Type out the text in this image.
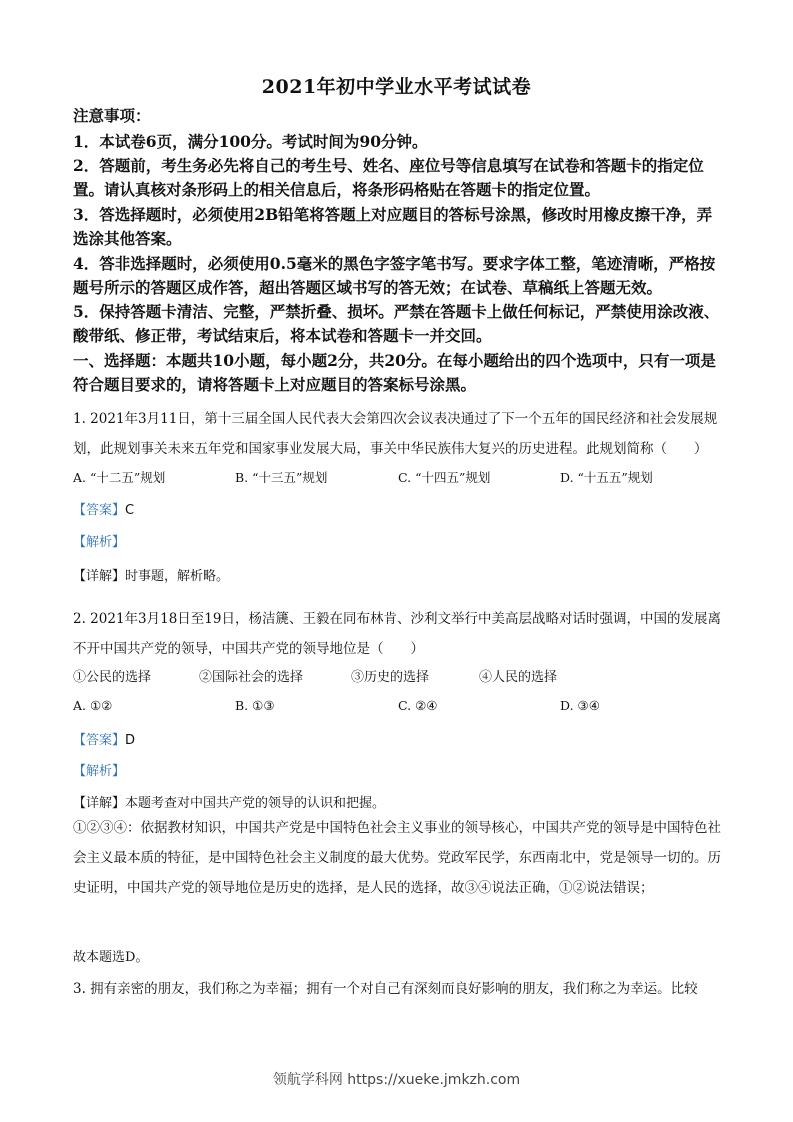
2021年初中学业水平考试试卷
注意事项：
1．本试卷6页，满分100分。考试时间为90分钟。
2．答题前，考生务必先将自己的考生号、姓名、座位号等信息填写在试卷和答题卡的指定位置。请认真核对条形码上的相关信息后，将条形码格贴在答题卡的指定位置。
3．答选择题时，必须使用2B铅笔将答题上对应题目的答标号涂黑，修改时用橡皮擦干净，弄选涂其他答案。
4．答非选择题时，必须使用0.5毫米的黑色字签字笔书写。要求字体工整，笔迹清晰，严格按题号所示的答题区成作答，超出答题区域书写的答无效；在试卷、草稿纸上答题无效。
5．保持答题卡清洁、完整，严禁折叠、损坏。严禁在答题卡上做任何标记，严禁使用涂改液、酸带纸、修正带，考试结束后，将本试卷和答题卡一并交回。
一、选择题：本题共10小题，每小题2分，共20分。在每小题给出的四个选项中，只有一项是符合题目要求的，请将答题卡上对应题目的答案标号涂黑。
1. 2021年3月11日，第十三届全国人民代表大会第四次会议表决通过了下一个五年的国民经济和社会发展规划，此规划事关未来五年党和国家事业发展大局，事关中华民族伟大复兴的历史进程。此规划简称（　　）
A. “十二五”规划	B. “十三五”规划	C. “十四五”规划	D. “十五五”规划
【答案】C
【解析】
【详解】时事题，解析略。
2. 2021年3月18日至19日，杨洁篪、王毅在同布林肯、沙利文举行中美高层战略对话时强调，中国的发展离不开中国共产党的领导，中国共产党的领导地位是（　　）
①公民的选择	②国际社会的选择	③历史的选择	④人民的选择
A. ①②	B. ①③	C. ②④	D. ③④
【答案】D
【解析】
【详解】本题考查对中国共产党的领导的认识和把握。
①②③④：依据教材知识，中国共产党是中国特色社会主义事业的领导核心，中国共产党的领导是中国特色社会主义最本质的特征，是中国特色社会主义制度的最大优势。党政军民学，东西南北中，党是领导一切的。历史证明，中国共产党的领导地位是历史的选择，是人民的选择，故③④说法正确，①②说法错误；
故本题选D。
3. 拥有亲密的朋友，我们称之为幸福；拥有一个对自己有深刻而良好影响的朋友，我们称之为幸运。比较
领航学科网 https://xueke.jmkzh.com
